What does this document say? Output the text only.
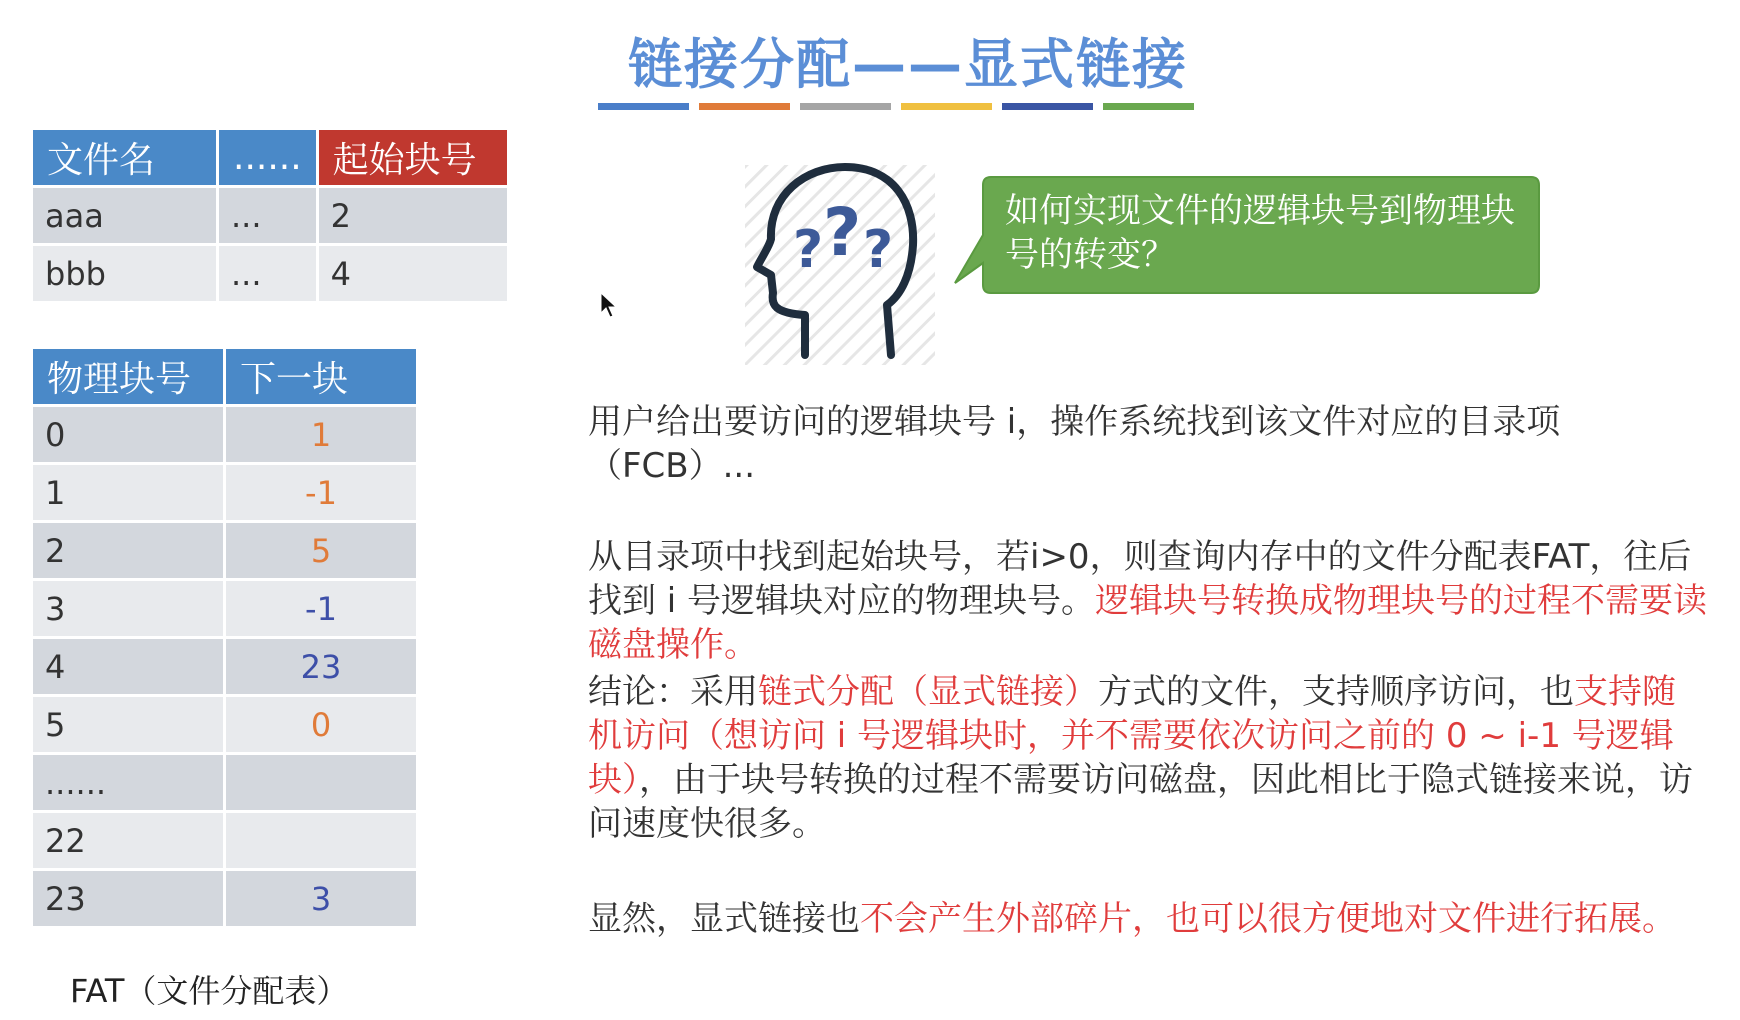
链接分配——显式链接
文件名	......	起始块号
aaa	...	2
bbb	...	4
物理块号	下一块
0	1
1	-1
2	5
3	-1
4	23
5	0
......	
22	
23	3
FAT（文件分配表）
? ? ?
如何实现文件的逻辑块号到物理块号的转变？
用户给出要访问的逻辑块号 i，操作系统找到该文件对应的目录项（FCB）...
从目录项中找到起始块号，若i>0，则查询内存中的文件分配表FAT，往后找到 i 号逻辑块对应的物理块号。逻辑块号转换成物理块号的过程不需要读磁盘操作。
结论：采用链式分配（显式链接）方式的文件，支持顺序访问，也支持随机访问（想访问 i 号逻辑块时，并不需要依次访问之前的 0 ~ i-1 号逻辑块），由于块号转换的过程不需要访问磁盘，因此相比于隐式链接来说，访问速度快很多。
显然，显式链接也不会产生外部碎片，也可以很方便地对文件进行拓展。
